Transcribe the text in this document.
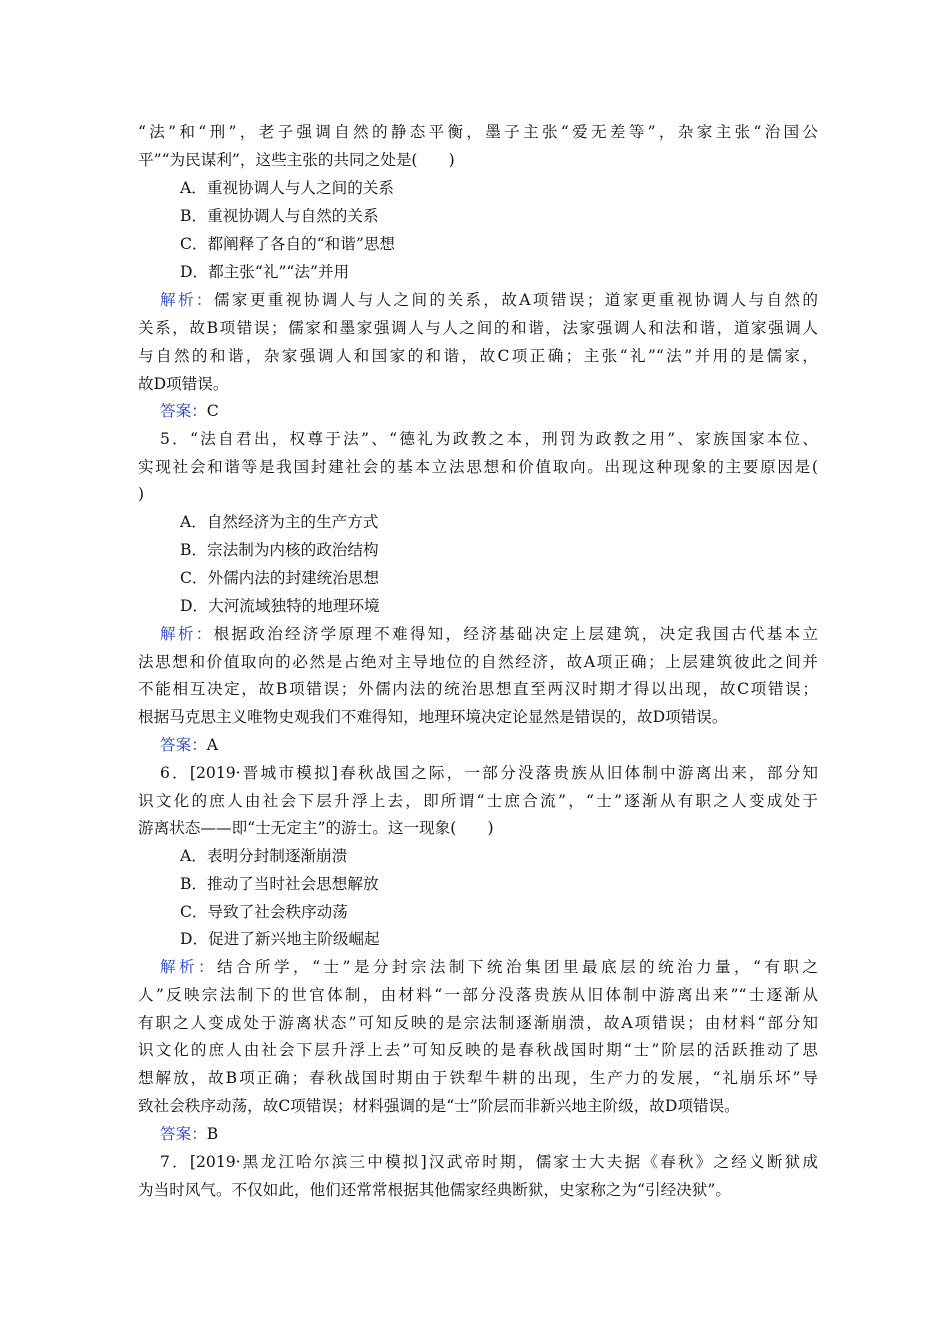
“法”和“刑”，老子强调自然的静态平衡，墨子主张“爱无差等”，杂家主张“治国公
平”“为民谋利”，这些主张的共同之处是(　　)
A．重视协调人与人之间的关系
B．重视协调人与自然的关系
C．都阐释了各自的“和谐”思想
D．都主张“礼”“法”并用
解析：儒家更重视协调人与人之间的关系，故A项错误；道家更重视协调人与自然的
关系，故B项错误；儒家和墨家强调人与人之间的和谐，法家强调人和法和谐，道家强调人
与自然的和谐，杂家强调人和国家的和谐，故C项正确；主张“礼”“法”并用的是儒家，
故D项错误。
答案：C
5．“法自君出，权尊于法”、“德礼为政教之本，刑罚为政教之用”、家族国家本位、
实现社会和谐等是我国封建社会的基本立法思想和价值取向。出现这种现象的主要原因是(
)
A．自然经济为主的生产方式
B．宗法制为内核的政治结构
C．外儒内法的封建统治思想
D．大河流域独特的地理环境
解析：根据政治经济学原理不难得知，经济基础决定上层建筑，决定我国古代基本立
法思想和价值取向的必然是占绝对主导地位的自然经济，故A项正确；上层建筑彼此之间并
不能相互决定，故B项错误；外儒内法的统治思想直至两汉时期才得以出现，故C项错误；
根据马克思主义唯物史观我们不难得知，地理环境决定论显然是错误的，故D项错误。
答案：A
6．[2019·晋城市模拟]春秋战国之际，一部分没落贵族从旧体制中游离出来，部分知
识文化的庶人由社会下层升浮上去，即所谓“士庶合流”，“士”逐渐从有职之人变成处于
游离状态——即“士无定主”的游士。这一现象(　　)
A．表明分封制逐渐崩溃
B．推动了当时社会思想解放
C．导致了社会秩序动荡
D．促进了新兴地主阶级崛起
解析：结合所学，“士”是分封宗法制下统治集团里最底层的统治力量，“有职之
人”反映宗法制下的世官体制，由材料“一部分没落贵族从旧体制中游离出来”“士逐渐从
有职之人变成处于游离状态”可知反映的是宗法制逐渐崩溃，故A项错误；由材料“部分知
识文化的庶人由社会下层升浮上去”可知反映的是春秋战国时期“士”阶层的活跃推动了思
想解放，故B项正确；春秋战国时期由于铁犁牛耕的出现，生产力的发展，“礼崩乐坏”导
致社会秩序动荡，故C项错误；材料强调的是“士”阶层而非新兴地主阶级，故D项错误。
答案：B
7．[2019·黑龙江哈尔滨三中模拟]汉武帝时期，儒家士大夫据《春秋》之经义断狱成
为当时风气。不仅如此，他们还常常根据其他儒家经典断狱，史家称之为“引经决狱”。
